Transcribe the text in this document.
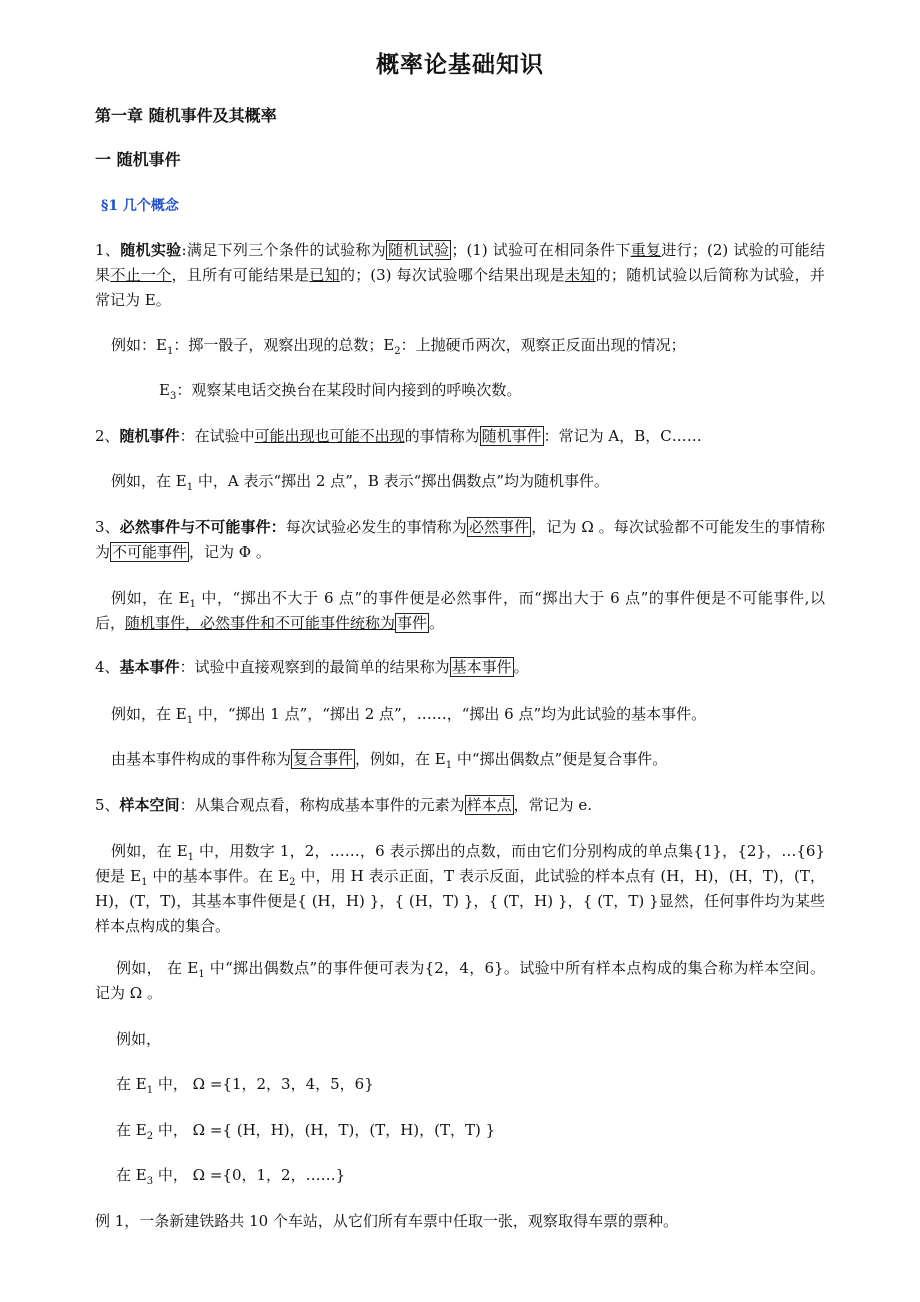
概率论基础知识
第一章 随机事件及其概率
一 随机事件
§1 几个概念
1、随机实验:满足下列三个条件的试验称为 随机试验 ；(1) 试验可在相同条件下重复进行；(2) 试验的可能结果不止一个，且所有可能结果是已知的；(3) 每次试验哪个结果出现是未知的；随机试验以后简称为试验，并常记为 E。
例如：$E_1$：掷一骰子，观察出现的总数；$E_2$：上抛硬币两次，观察正反面出现的情况；
$E_3$：观察某电话交换台在某段时间内接到的呼唤次数。
2、随机事件：在试验中可能出现也可能不出现的事情称为 随机事件 ：常记为 A，B，C……
例如，在 $E_1$ 中，A 表示“掷出 2 点”，B 表示“掷出偶数点”均为随机事件。
3、必然事件与不可能事件：每次试验必发生的事情称为 必然事件 ，记为 Ω 。每次试验都不可能发生的事情称为 不可能事件 ，记为 Φ 。
例如，在 $E_1$ 中，“掷出不大于 6 点”的事件便是必然事件，而“掷出大于 6 点”的事件便是不可能事件,以后，随机事件，必然事件和不可能事件统称为 事件 。
4、基本事件：试验中直接观察到的最简单的结果称为 基本事件 。
例如，在 $E_1$ 中，“掷出 1 点”，“掷出 2 点”，……，“掷出 6 点”均为此试验的基本事件。
由基本事件构成的事件称为 复合事件 ，例如，在 $E_1$ 中“掷出偶数点”便是复合事件。
5、样本空间：从集合观点看，称构成基本事件的元素为 样本点 ，常记为 e.
例如，在 $E_1$ 中，用数字 1，2，……，6 表示掷出的点数，而由它们分别构成的单点集{1}，{2}，…{6}便是 $E_1$ 中的基本事件。在 $E_2$ 中，用 H 表示正面，T 表示反面，此试验的样本点有 (H，H)，(H，T)，(T，H)，(T，T)，其基本事件便是{ (H，H) }，{ (H，T) }，{ (T，H) }，{ (T，T) }显然，任何事件均为某些样本点构成的集合。
例如， 在 $E_1$ 中“掷出偶数点”的事件便可表为{2，4，6}。试验中所有样本点构成的集合称为样本空间。记为 Ω 。
例如，
在 $E_1$ 中， Ω ={1，2，3，4，5，6}
在 $E_2$ 中， Ω ={ (H，H)，(H，T)，(T，H)，(T，T) }
在 $E_3$ 中， Ω ={0，1，2，……}
例 1，一条新建铁路共 10 个车站，从它们所有车票中任取一张，观察取得车票的票种。
